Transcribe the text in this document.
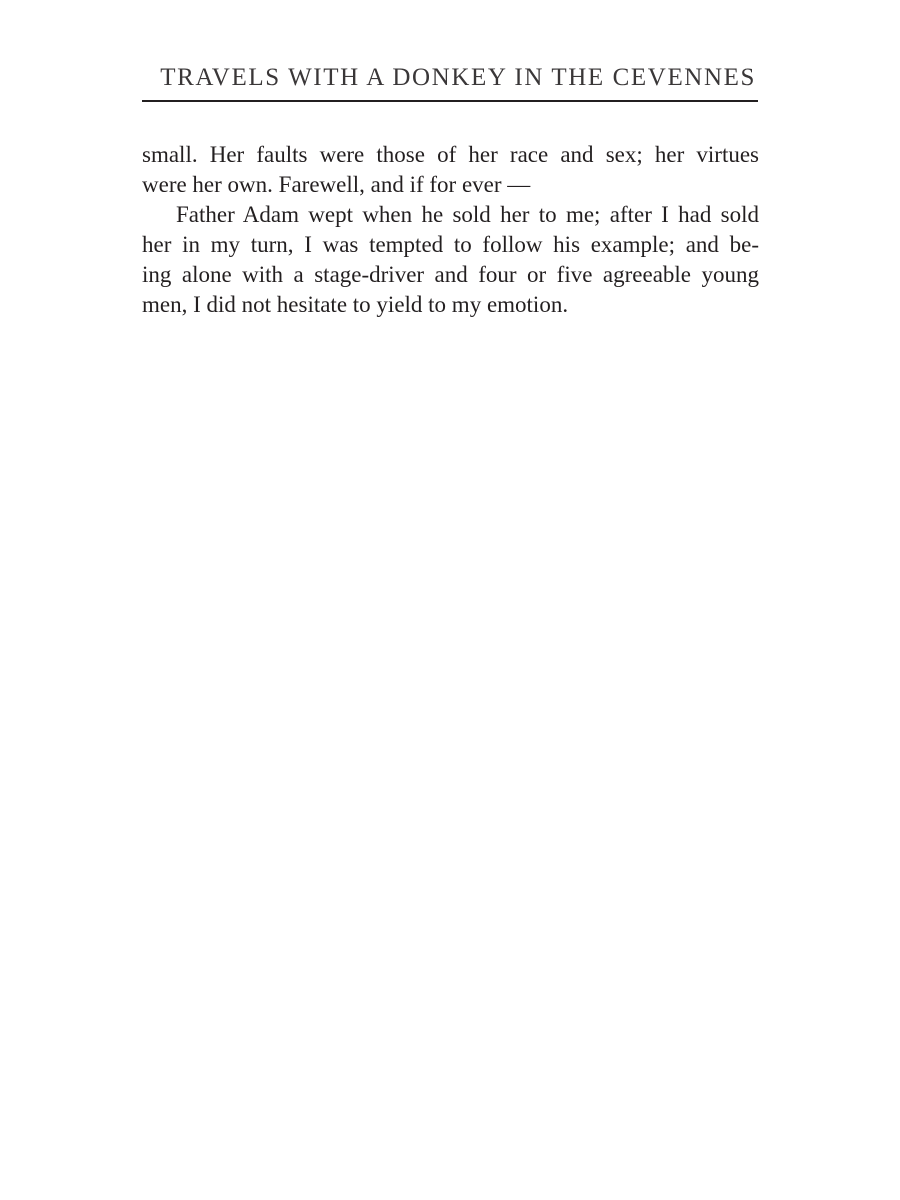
TRAVELS WITH A DONKEY IN THE CEVENNES
small. Her faults were those of her race and sex; her virtues
were her own. Farewell, and if for ever —
Father Adam wept when he sold her to me; after I had sold
her in my turn, I was tempted to follow his example; and be-
ing alone with a stage-driver and four or five agreeable young
men, I did not hesitate to yield to my emotion.
